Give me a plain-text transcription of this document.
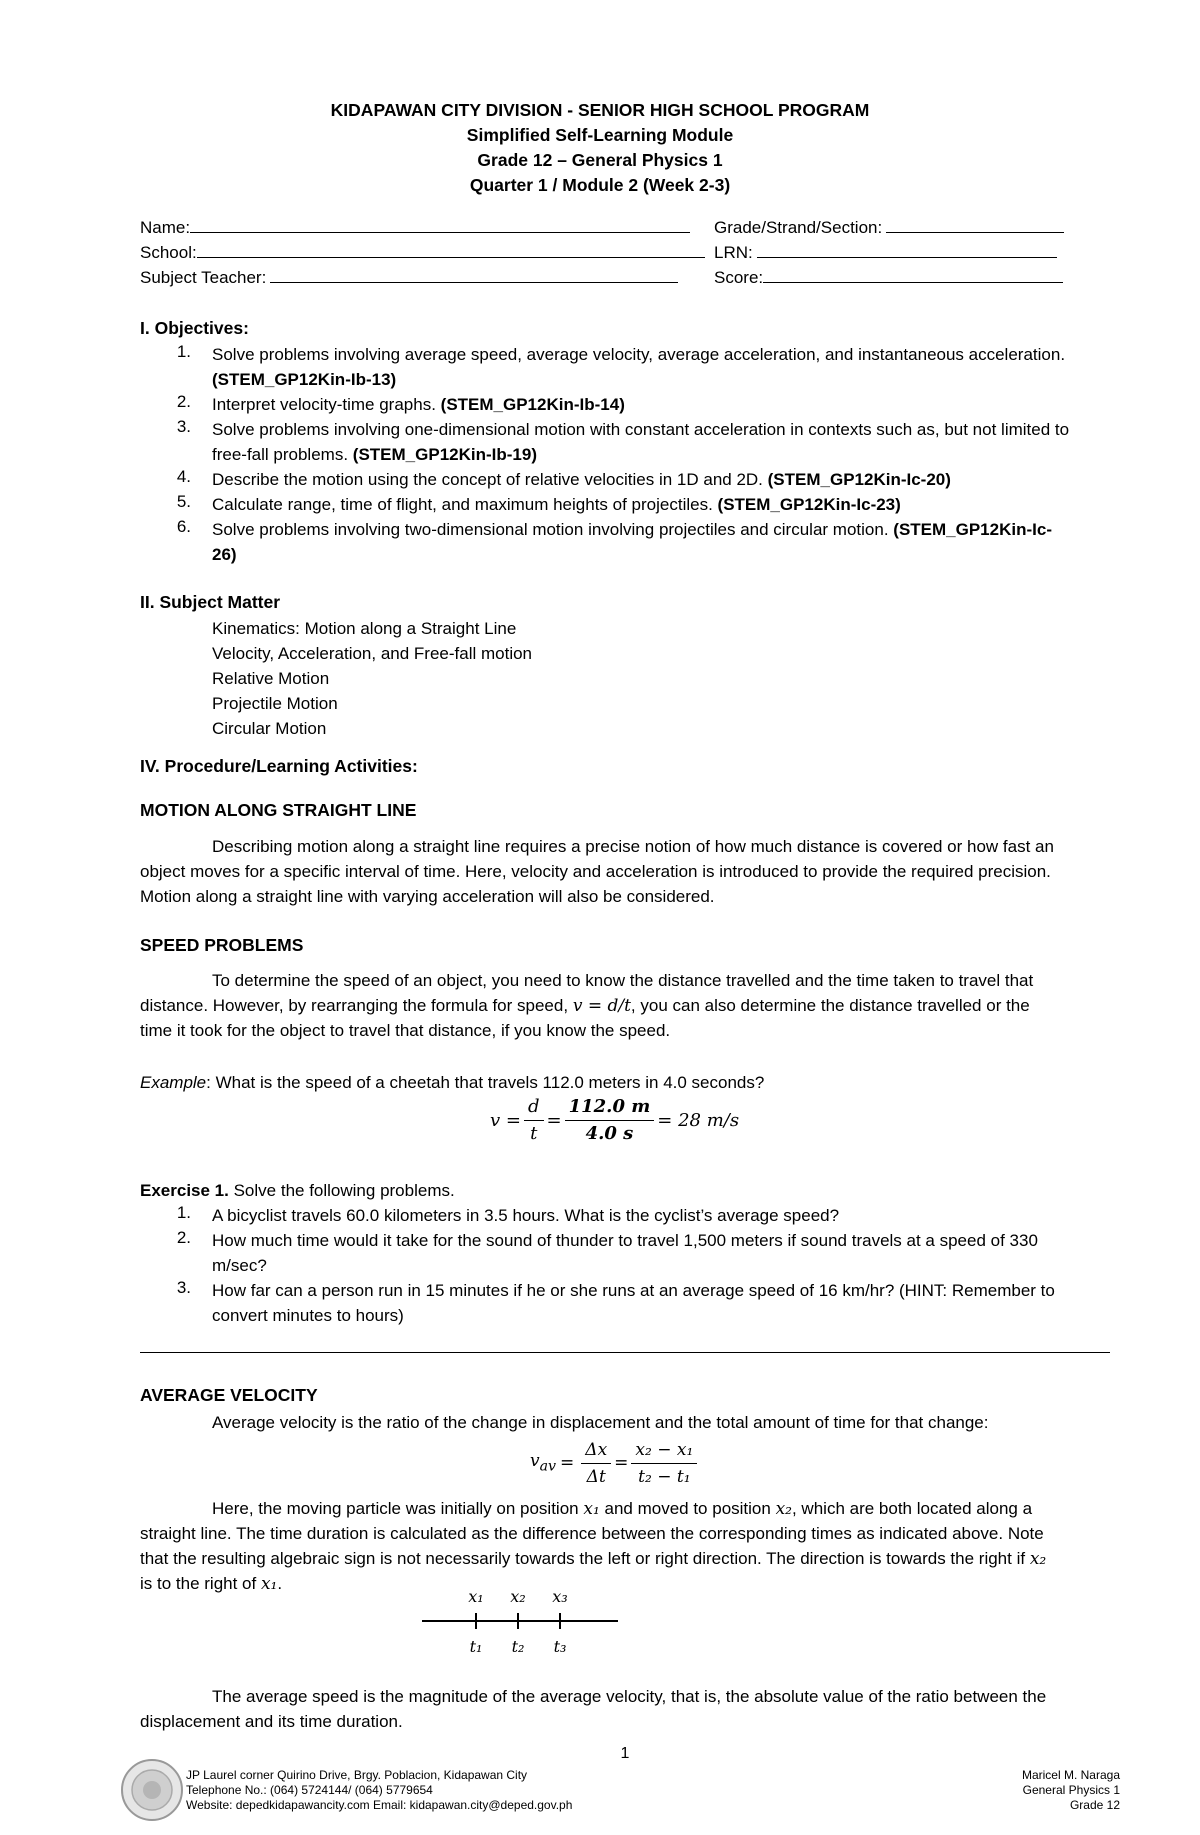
KIDAPAWAN CITY DIVISION - SENIOR HIGH SCHOOL PROGRAM
Simplified Self-Learning Module
Grade 12 – General Physics 1
Quarter 1 / Module 2 (Week 2-3)
Name:
School:
Subject Teacher:
Grade/Strand/Section:
LRN:
Score:
I. Objectives:
1. Solve problems involving average speed, average velocity, average acceleration, and instantaneous acceleration.
(STEM_GP12Kin-Ib-13)
2. Interpret velocity-time graphs. (STEM_GP12Kin-Ib-14)
3. Solve problems involving one-dimensional motion with constant acceleration in contexts such as, but not limited to
free-fall problems. (STEM_GP12Kin-Ib-19)
4. Describe the motion using the concept of relative velocities in 1D and 2D. (STEM_GP12Kin-Ic-20)
5. Calculate range, time of flight, and maximum heights of projectiles. (STEM_GP12Kin-Ic-23)
6. Solve problems involving two-dimensional motion involving projectiles and circular motion. (STEM_GP12Kin-Ic-
26)
II. Subject Matter
Kinematics: Motion along a Straight Line
Velocity, Acceleration, and Free-fall motion
Relative Motion
Projectile Motion
Circular Motion
IV. Procedure/Learning Activities:
MOTION ALONG STRAIGHT LINE
Describing motion along a straight line requires a precise notion of how much distance is covered or how fast an
object moves for a specific interval of time. Here, velocity and acceleration is introduced to provide the required precision.
Motion along a straight line with varying acceleration will also be considered.
SPEED PROBLEMS
To determine the speed of an object, you need to know the distance travelled and the time taken to travel that
distance. However, by rearranging the formula for speed, v = d/t, you can also determine the distance travelled or the
time it took for the object to travel that distance, if you know the speed.
Example: What is the speed of a cheetah that travels 112.0 meters in 4.0 seconds?
$v = \frac{d}{t} = \frac{112.0 m}{4.0 s} = 28$ m/s
Exercise 1. Solve the following problems.
1. A bicyclist travels 60.0 kilometers in 3.5 hours. What is the cyclist’s average speed?
2. How much time would it take for the sound of thunder to travel 1,500 meters if sound travels at a speed of 330
m/sec?
3. How far can a person run in 15 minutes if he or she runs at an average speed of 16 km/hr? (HINT: Remember to
convert minutes to hours)
AVERAGE VELOCITY
Average velocity is the ratio of the change in displacement and the total amount of time for that change:
$v_{av} = \frac{\Delta x}{\Delta t} = \frac{\text{x₂ − x₁}}{\text{t₂ − t₁}}$
Here, the moving particle was initially on position x₁ and moved to position x₂, which are both located along a
straight line. The time duration is calculated as the difference between the corresponding times as indicated above. Note
that the resulting algebraic sign is not necessarily towards the left or right direction. The direction is towards the right if x₂
is to the right of x₁.
x₁ x₂ x₃
t₁ t₂ t₃
The average speed is the magnitude of the average velocity, that is, the absolute value of the ratio between the
displacement and its time duration.
1
JP Laurel corner Quirino Drive, Brgy. Poblacion, Kidapawan City
Telephone No.: (064) 5724144/ (064) 5779654
Website: depedkidapawancity.com Email: kidapawan.city@deped.gov.ph
Maricel M. Naraga
General Physics 1
Grade 12
